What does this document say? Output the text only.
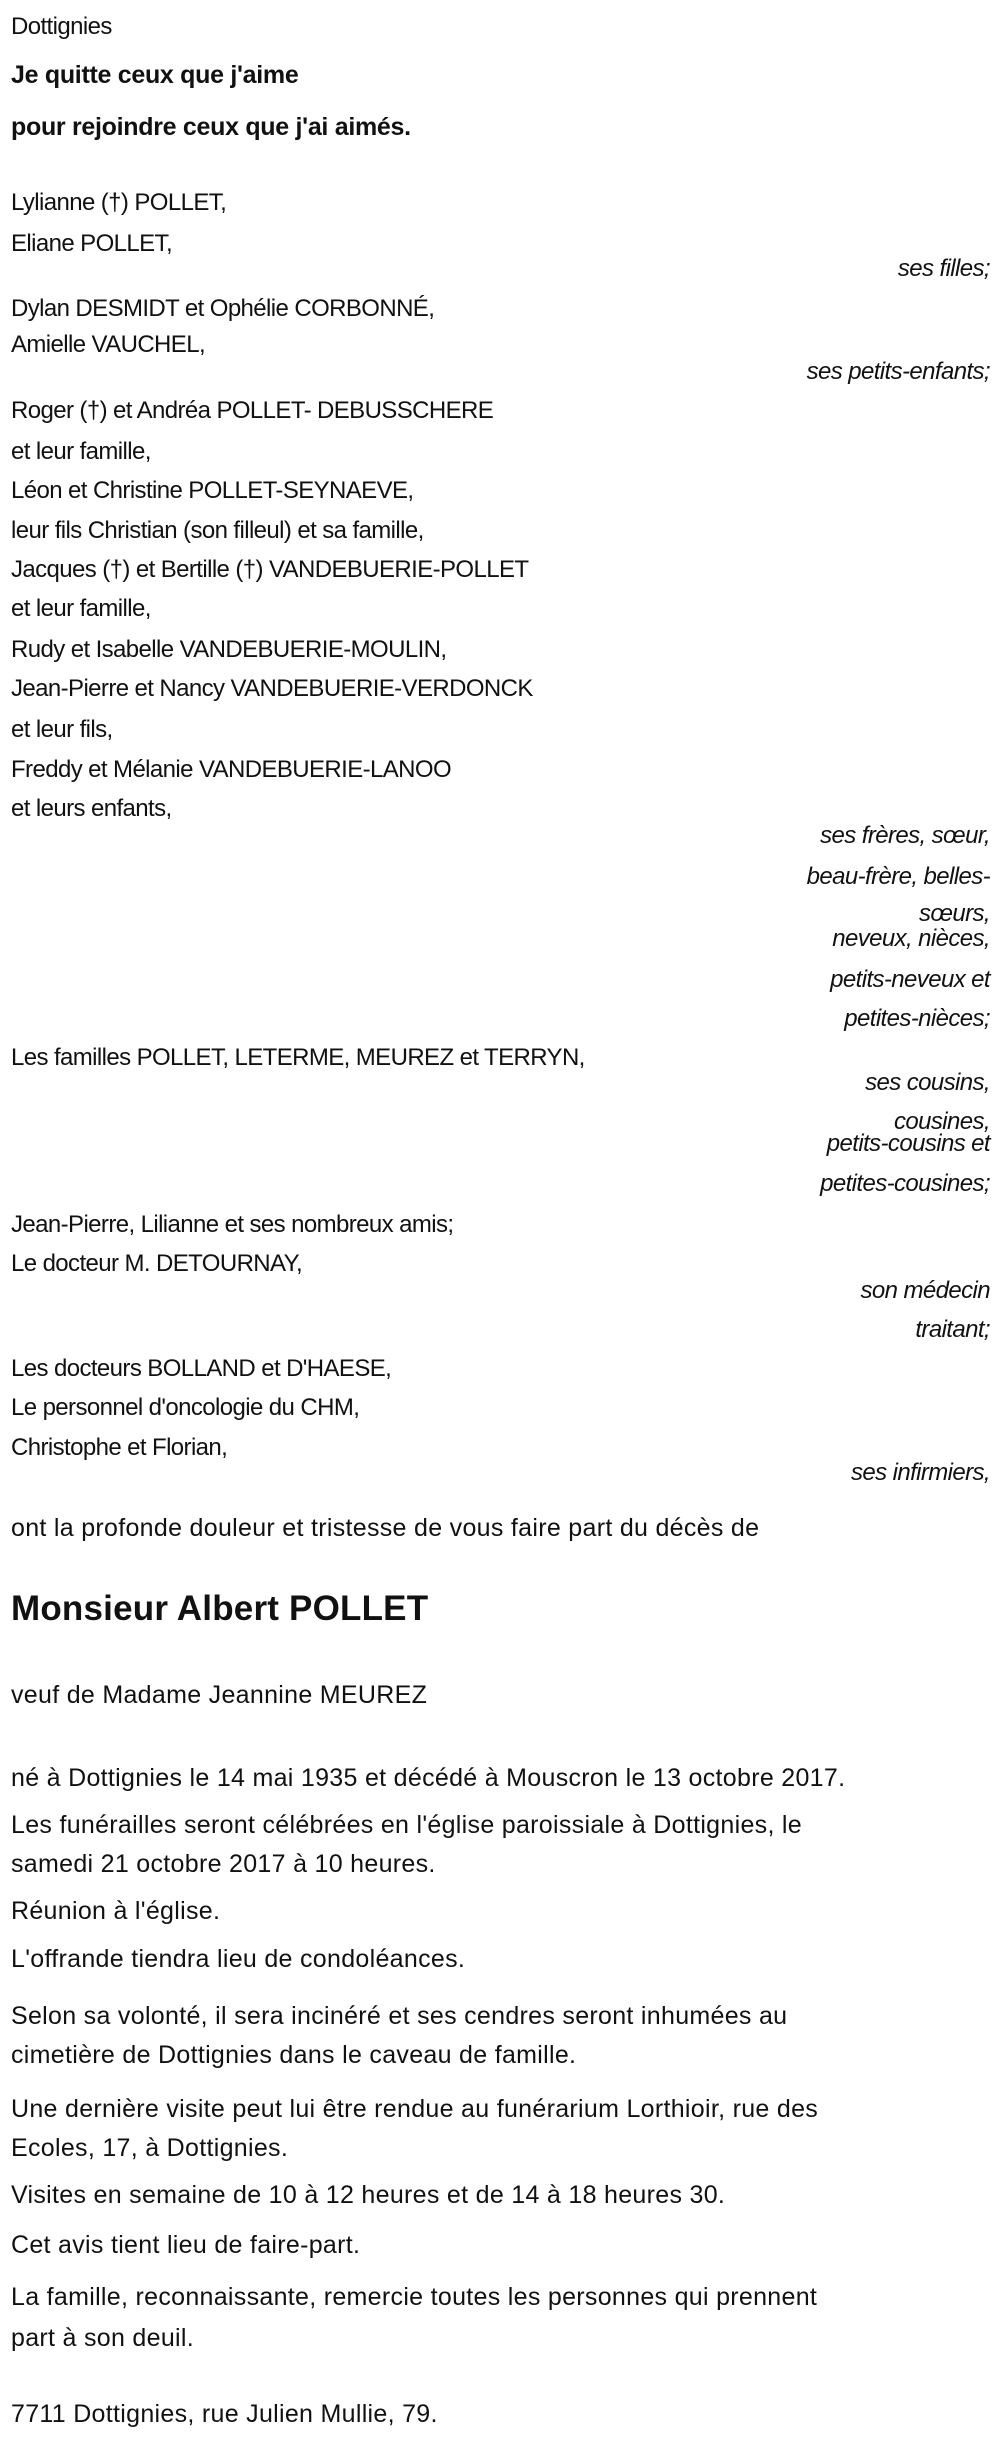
Dottignies
Je quitte ceux que j'aime
pour rejoindre ceux que j'ai aimés.
Lylianne (†) POLLET,
Eliane POLLET,
ses filles;
Dylan DESMIDT et Ophélie CORBONNÉ,
Amielle VAUCHEL,
ses petits-enfants;
Roger (†) et Andréa POLLET- DEBUSSCHERE
et leur famille,
Léon et Christine POLLET-SEYNAEVE,
leur fils Christian (son filleul) et sa famille,
Jacques (†) et Bertille (†) VANDEBUERIE-POLLET
et leur famille,
Rudy et Isabelle VANDEBUERIE-MOULIN,
Jean-Pierre et Nancy VANDEBUERIE-VERDONCK
et leur fils,
Freddy et Mélanie VANDEBUERIE-LANOO
et leurs enfants,
ses frères, sœur,
beau-frère, belles-
sœurs,
neveux, nièces,
petits-neveux et
petites-nièces;
Les familles POLLET, LETERME, MEUREZ et TERRYN,
ses cousins,
cousines,
petits-cousins et
petites-cousines;
Jean-Pierre, Lilianne et ses nombreux amis;
Le docteur M. DETOURNAY,
son médecin
traitant;
Les docteurs BOLLAND et D'HAESE,
Le personnel d'oncologie du CHM,
Christophe et Florian,
ses infirmiers,
ont la profonde douleur et tristesse de vous faire part du décès de
Monsieur Albert POLLET
veuf de Madame Jeannine MEUREZ
né à Dottignies le 14 mai 1935 et décédé à Mouscron le 13 octobre 2017.
Les funérailles seront célébrées en l'église paroissiale à Dottignies, le
samedi 21 octobre 2017 à 10 heures.
Réunion à l'église.
L'offrande tiendra lieu de condoléances.
Selon sa volonté, il sera incinéré et ses cendres seront inhumées au
cimetière de Dottignies dans le caveau de famille.
Une dernière visite peut lui être rendue au funérarium Lorthioir, rue des
Ecoles, 17, à Dottignies.
Visites en semaine de 10 à 12 heures et de 14 à 18 heures 30.
Cet avis tient lieu de faire-part.
La famille, reconnaissante, remercie toutes les personnes qui prennent
part à son deuil.
7711 Dottignies, rue Julien Mullie, 79.
